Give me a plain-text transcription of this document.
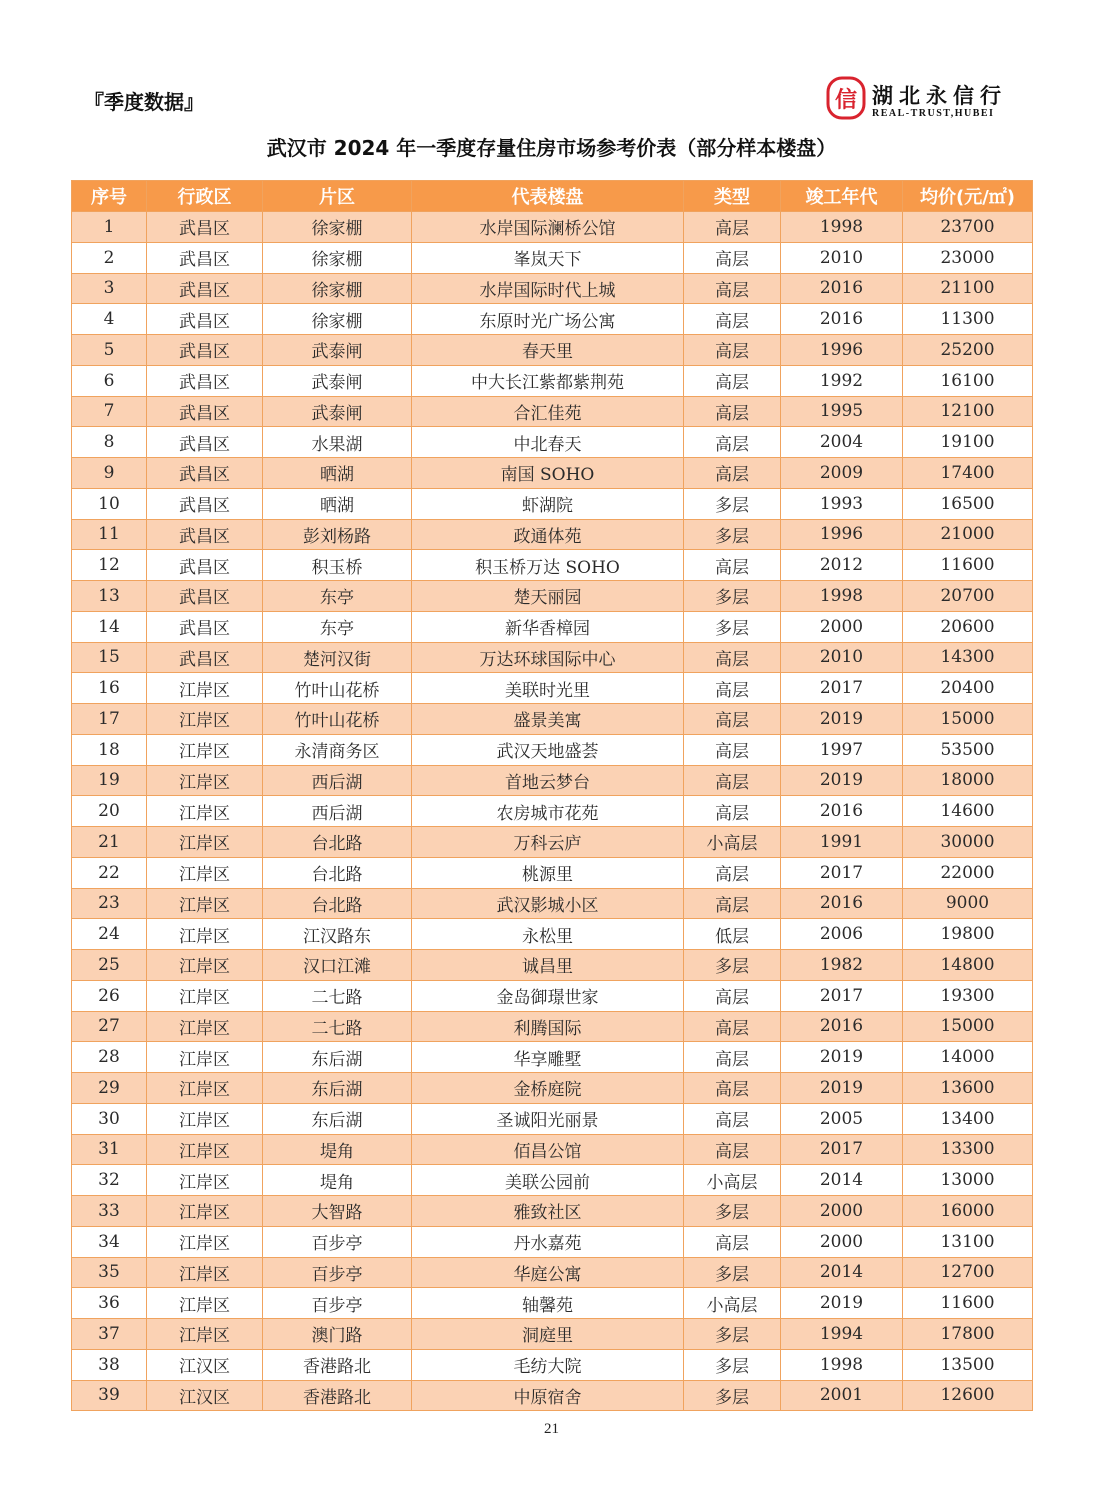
『季度数据』	信 湖北永信行
REAL-TRUST,HUBEI
武汉市 2024 年一季度存量住房市场参考价表（部分样本楼盘）
序号	行政区	片区	代表楼盘	类型	竣工年代	均价(元/㎡)
1	武昌区	徐家棚	水岸国际澜桥公馆	高层	1998	23700
2	武昌区	徐家棚	峯岚天下	高层	2010	23000
3	武昌区	徐家棚	水岸国际时代上城	高层	2016	21100
4	武昌区	徐家棚	东原时光广场公寓	高层	2016	11300
5	武昌区	武泰闸	春天里	高层	1996	25200
6	武昌区	武泰闸	中大长江紫都紫荆苑	高层	1992	16100
7	武昌区	武泰闸	合汇佳苑	高层	1995	12100
8	武昌区	水果湖	中北春天	高层	2004	19100
9	武昌区	晒湖	南国 SOHO	高层	2009	17400
10	武昌区	晒湖	虾湖院	多层	1993	16500
11	武昌区	彭刘杨路	政通体苑	多层	1996	21000
12	武昌区	积玉桥	积玉桥万达 SOHO	高层	2012	11600
13	武昌区	东亭	楚天丽园	多层	1998	20700
14	武昌区	东亭	新华香樟园	多层	2000	20600
15	武昌区	楚河汉街	万达环球国际中心	高层	2010	14300
16	江岸区	竹叶山花桥	美联时光里	高层	2017	20400
17	江岸区	竹叶山花桥	盛景美寓	高层	2019	15000
18	江岸区	永清商务区	武汉天地盛荟	高层	1997	53500
19	江岸区	西后湖	首地云梦台	高层	2019	18000
20	江岸区	西后湖	农房城市花苑	高层	2016	14600
21	江岸区	台北路	万科云庐	小高层	1991	30000
22	江岸区	台北路	桃源里	高层	2017	22000
23	江岸区	台北路	武汉影城小区	高层	2016	9000
24	江岸区	江汉路东	永松里	低层	2006	19800
25	江岸区	汉口江滩	诚昌里	多层	1982	14800
26	江岸区	二七路	金岛御璟世家	高层	2017	19300
27	江岸区	二七路	利腾国际	高层	2016	15000
28	江岸区	东后湖	华享雕墅	高层	2019	14000
29	江岸区	东后湖	金桥庭院	高层	2019	13600
30	江岸区	东后湖	圣诚阳光丽景	高层	2005	13400
31	江岸区	堤角	佰昌公馆	高层	2017	13300
32	江岸区	堤角	美联公园前	小高层	2014	13000
33	江岸区	大智路	雅致社区	多层	2000	16000
34	江岸区	百步亭	丹水嘉苑	高层	2000	13100
35	江岸区	百步亭	华庭公寓	多层	2014	12700
36	江岸区	百步亭	轴馨苑	小高层	2019	11600
37	江岸区	澳门路	洞庭里	多层	1994	17800
38	江汉区	香港路北	毛纺大院	多层	1998	13500
39	江汉区	香港路北	中原宿舍	多层	2001	12600
21
